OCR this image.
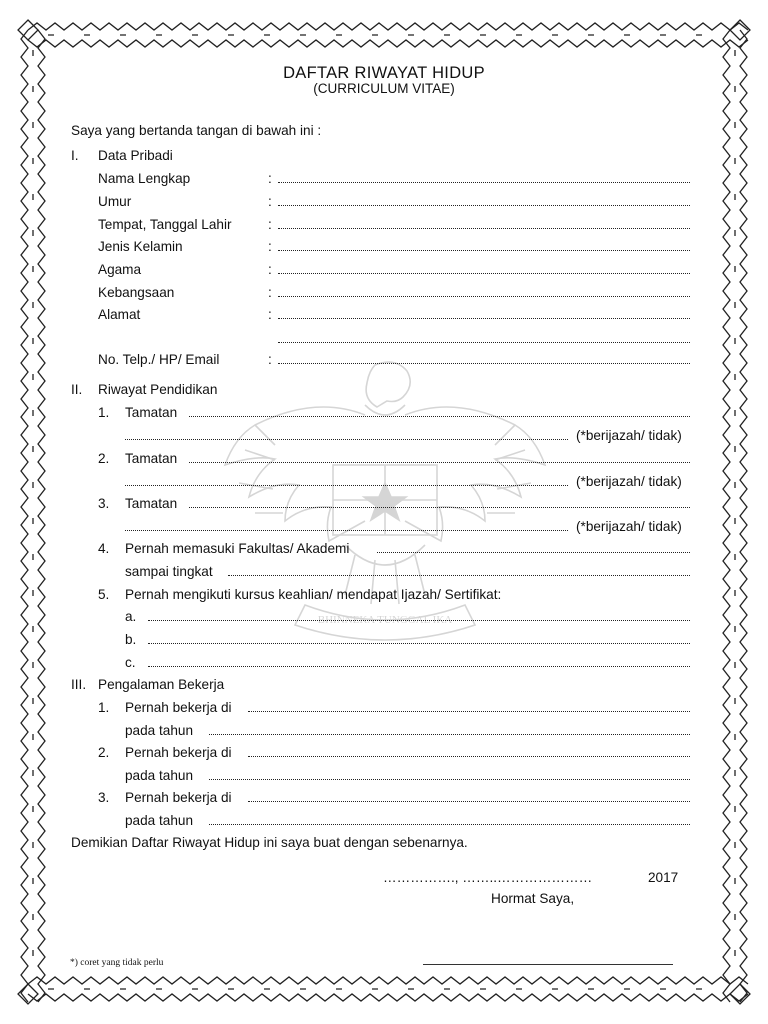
BHINNEKA TUNGGAL IKA
DAFTAR RIWAYAT HIDUP
(CURRICULUM VITAE)
Saya yang bertanda tangan di bawah ini :
I. Data Pribadi
Nama Lengkap	:
Umur	:
Tempat, Tanggal Lahir	:
Jenis Kelamin	:
Agama	:
Kebangsaan	:
Alamat	:
No. Telp./ HP/ Email	:
II. Riwayat Pendidikan
1. Tamatan
(*berijazah/ tidak)
2. Tamatan
(*berijazah/ tidak)
3. Tamatan
(*berijazah/ tidak)
4. Pernah memasuki Fakultas/ Akademi
sampai tingkat
5. Pernah mengikuti kursus keahlian/ mendapat Ijazah/ Sertifikat:
a.
b.
c.
III. Pengalaman Bekerja
1. Pernah bekerja di
pada tahun
2. Pernah bekerja di
pada tahun
3. Pernah bekerja di
pada tahun
Demikian Daftar Riwayat Hidup ini saya buat dengan sebenarnya.
……………., ……..…………………	2017
Hormat Saya,
*) coret yang tidak perlu
